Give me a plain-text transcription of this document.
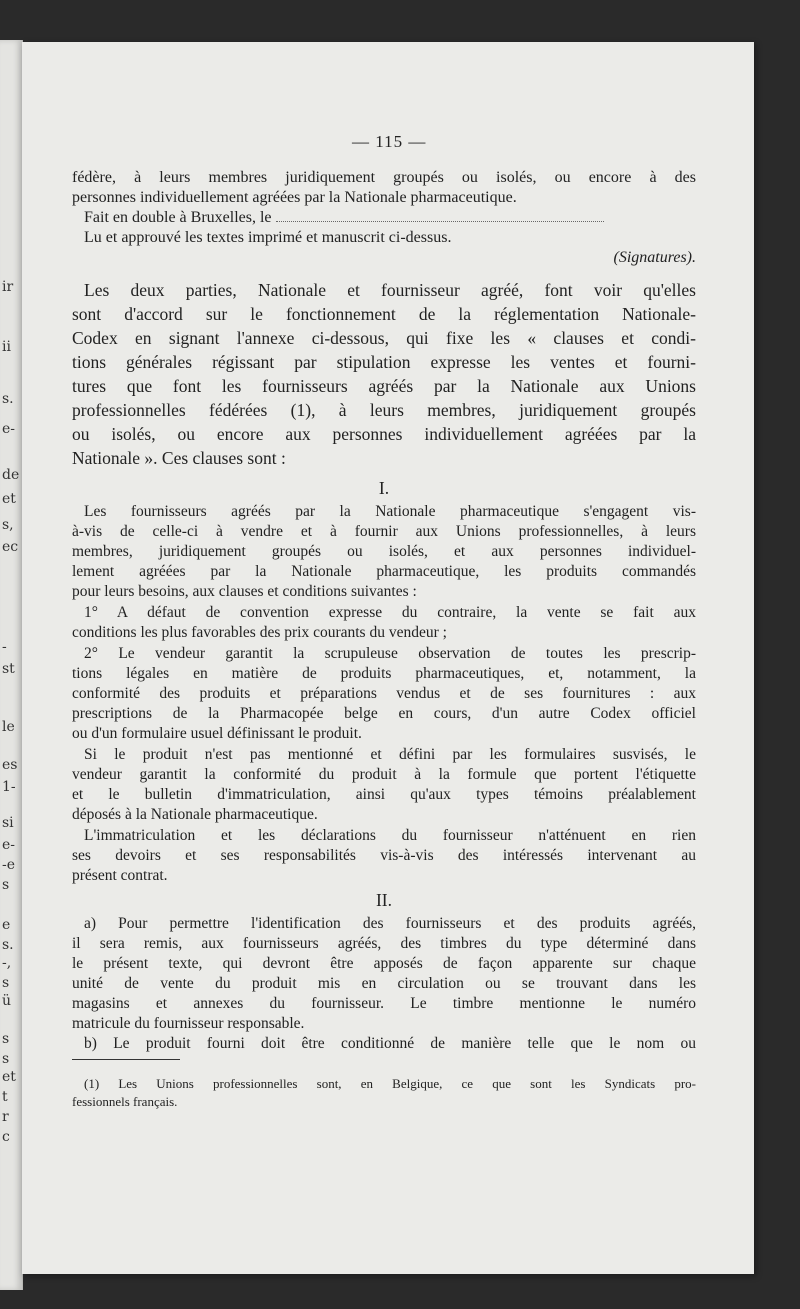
ir
ii
s.
e-
de
et
s,
ec
-
st
le
es
1-
si
e-
-e
s
e
s.
-,
s
ü
s
s
et
t
r
c
— 115 —
fédère, à leurs membres juridiquement groupés ou isolés, ou encore à des
personnes individuellement agréées par la Nationale pharmaceutique.
Fait en double à Bruxelles, le
Lu et approuvé les textes imprimé et manuscrit ci-dessus.
(Signatures).
Les deux parties, Nationale et fournisseur agréé, font voir qu'elles
sont d'accord sur le fonctionnement de la réglementation Nationale-
Codex en signant l'annexe ci-dessous, qui fixe les « clauses et condi-
tions générales régissant par stipulation expresse les ventes et fourni-
tures que font les fournisseurs agréés par la Nationale aux Unions
professionnelles fédérées (1), à leurs membres, juridiquement groupés
ou isolés, ou encore aux personnes individuellement agréées par la
Nationale ». Ces clauses sont :
I.
Les fournisseurs agréés par la Nationale pharmaceutique s'engagent vis-
à-vis de celle-ci à vendre et à fournir aux Unions professionnelles, à leurs
membres, juridiquement groupés ou isolés, et aux personnes individuel-
lement agréées par la Nationale pharmaceutique, les produits commandés
pour leurs besoins, aux clauses et conditions suivantes :
1° A défaut de convention expresse du contraire, la vente se fait aux
conditions les plus favorables des prix courants du vendeur ;
2° Le vendeur garantit la scrupuleuse observation de toutes les prescrip-
tions légales en matière de produits pharmaceutiques, et, notamment, la
conformité des produits et préparations vendus et de ses fournitures : aux
prescriptions de la Pharmacopée belge en cours, d'un autre Codex officiel
ou d'un formulaire usuel définissant le produit.
Si le produit n'est pas mentionné et défini par les formulaires susvisés, le
vendeur garantit la conformité du produit à la formule que portent l'étiquette
et le bulletin d'immatriculation, ainsi qu'aux types témoins préalablement
déposés à la Nationale pharmaceutique.
L'immatriculation et les déclarations du fournisseur n'atténuent en rien
ses devoirs et ses responsabilités vis-à-vis des intéressés intervenant au
présent contrat.
II.
a) Pour permettre l'identification des fournisseurs et des produits agréés,
il sera remis, aux fournisseurs agréés, des timbres du type déterminé dans
le présent texte, qui devront être apposés de façon apparente sur chaque
unité de vente du produit mis en circulation ou se trouvant dans les
magasins et annexes du fournisseur. Le timbre mentionne le numéro
matricule du fournisseur responsable.
b) Le produit fourni doit être conditionné de manière telle que le nom ou
(1) Les Unions professionnelles sont, en Belgique, ce que sont les Syndicats pro-
fessionnels français.
